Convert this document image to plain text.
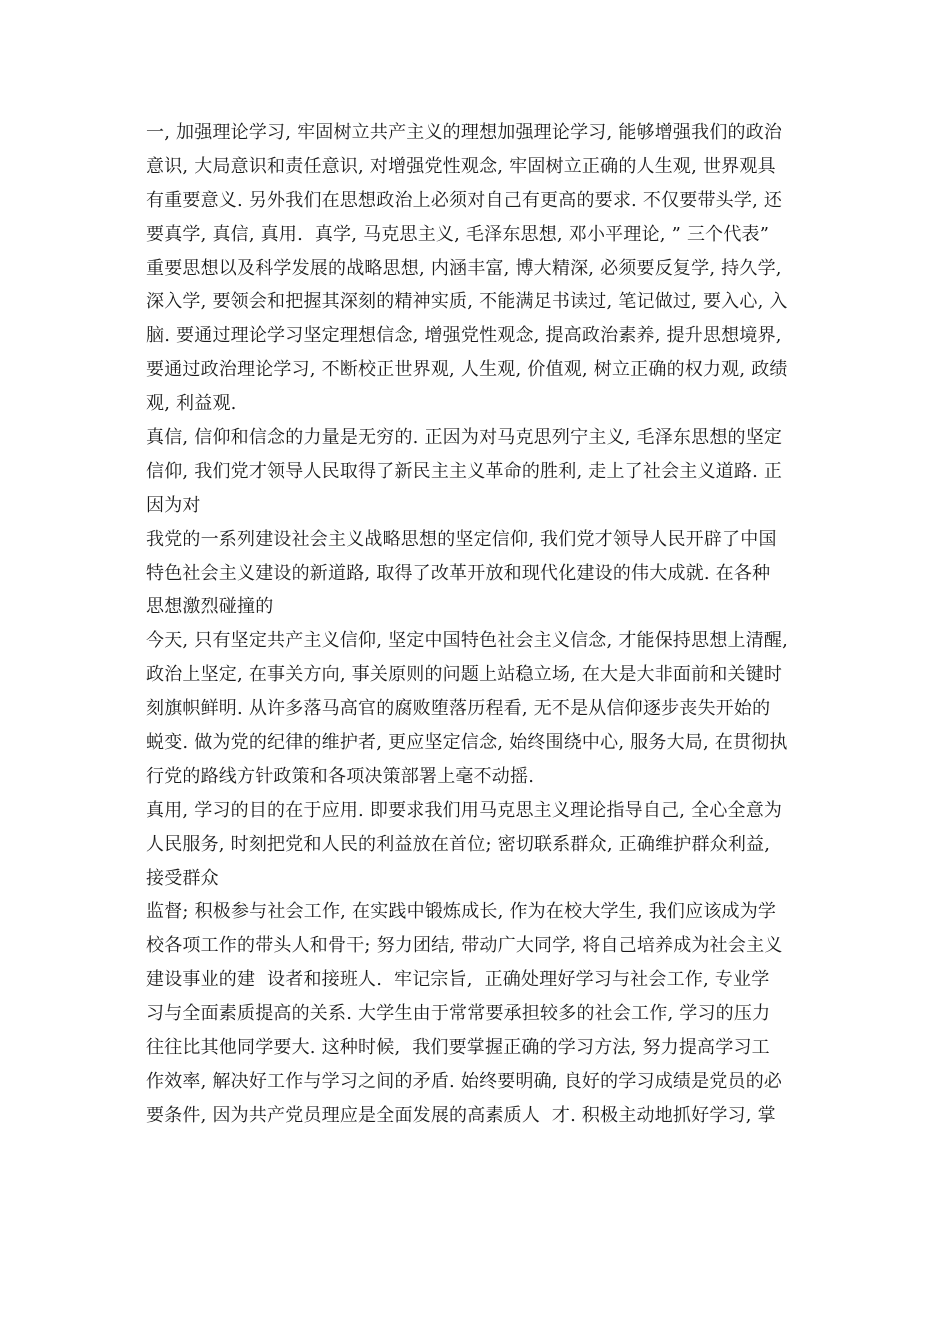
一, 加强理论学习, 牢固树立共产主义的理想加强理论学习, 能够增强我们的政治
意识, 大局意识和责任意识, 对增强党性观念, 牢固树立正确的人生观, 世界观具
有重要意义. 另外我们在思想政治上必须对自己有更高的要求. 不仅要带头学, 还
要真学, 真信, 真用.  真学, 马克思主义, 毛泽东思想, 邓小平理论, ” 三个代表”
重要思想以及科学发展的战略思想, 内涵丰富, 博大精深, 必须要反复学, 持久学,
深入学, 要领会和把握其深刻的精神实质, 不能满足书读过, 笔记做过, 要入心, 入
脑. 要通过理论学习坚定理想信念, 增强党性观念, 提高政治素养, 提升思想境界,
要通过政治理论学习, 不断校正世界观, 人生观, 价值观, 树立正确的权力观, 政绩
观, 利益观.
真信, 信仰和信念的力量是无穷的. 正因为对马克思列宁主义, 毛泽东思想的坚定
信仰, 我们党才领导人民取得了新民主主义革命的胜利, 走上了社会主义道路. 正
因为对
我党的一系列建设社会主义战略思想的坚定信仰, 我们党才领导人民开辟了中国
特色社会主义建设的新道路, 取得了改革开放和现代化建设的伟大成就. 在各种
思想激烈碰撞的
今天, 只有坚定共产主义信仰, 坚定中国特色社会主义信念, 才能保持思想上清醒,
政治上坚定, 在事关方向, 事关原则的问题上站稳立场, 在大是大非面前和关键时
刻旗帜鲜明. 从许多落马高官的腐败堕落历程看, 无不是从信仰逐步丧失开始的
蜕变. 做为党的纪律的维护者, 更应坚定信念, 始终围绕中心, 服务大局, 在贯彻执
行党的路线方针政策和各项决策部署上毫不动摇.
真用, 学习的目的在于应用. 即要求我们用马克思主义理论指导自己, 全心全意为
人民服务, 时刻把党和人民的利益放在首位; 密切联系群众, 正确维护群众利益,
接受群众
监督; 积极参与社会工作, 在实践中锻炼成长, 作为在校大学生, 我们应该成为学
校各项工作的带头人和骨干; 努力团结, 带动广大同学, 将自己培养成为社会主义
建设事业的建  设者和接班人.  牢记宗旨,  正确处理好学习与社会工作, 专业学
习与全面素质提高的关系. 大学生由于常常要承担较多的社会工作, 学习的压力
往往比其他同学要大. 这种时候,  我们要掌握正确的学习方法, 努力提高学习工
作效率, 解决好工作与学习之间的矛盾. 始终要明确, 良好的学习成绩是党员的必
要条件, 因为共产党员理应是全面发展的高素质人  才. 积极主动地抓好学习, 掌
